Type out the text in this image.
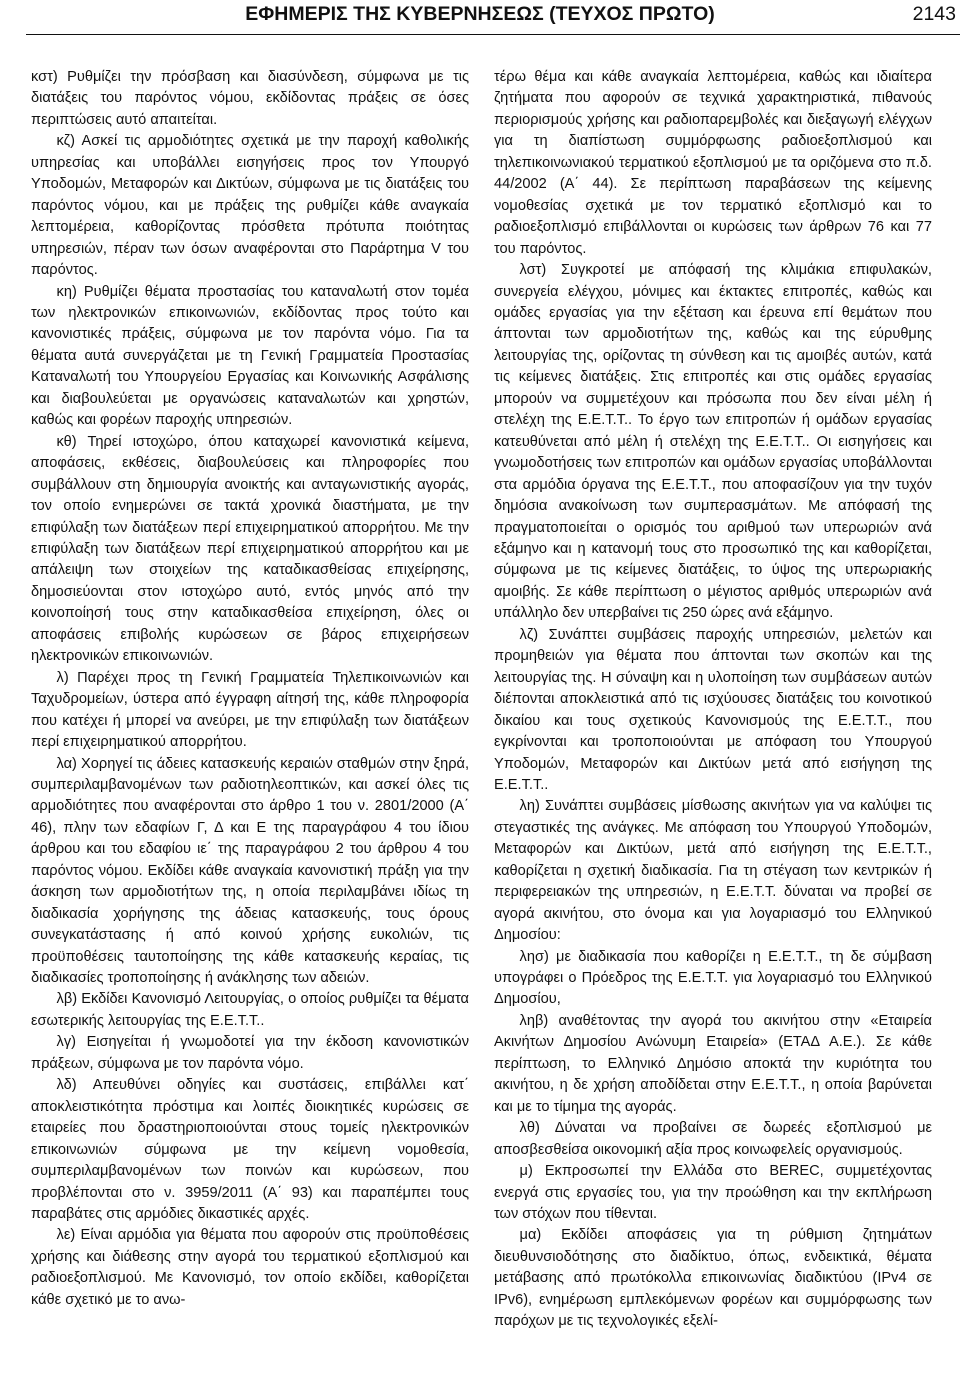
ΕΦΗΜΕΡΙΣ ΤΗΣ ΚΥΒΕΡΝΗΣΕΩΣ (ΤΕΥΧΟΣ ΠΡΩΤΟ)	2143

κστ) Ρυθμίζει την πρόσβαση και διασύνδεση, σύμφωνα με τις διατάξεις του παρόντος νόμου, εκδίδοντας πράξεις σε όσες περιπτώσεις αυτό απαιτείται.

κζ) Ασκεί τις αρμοδιότητες σχετικά με την παροχή καθολικής υπηρεσίας και υποβάλλει εισηγήσεις προς τον Υπουργό Υποδομών, Μεταφορών και Δικτύων, σύμφωνα με τις διατάξεις του παρόντος νόμου, και με πράξεις της ρυθμίζει κάθε αναγκαία λεπτομέρεια, καθορίζοντας πρόσθετα πρότυπα ποιότητας υπηρεσιών, πέραν των όσων αναφέρονται στο Παράρτημα V του παρόντος.

κη) Ρυθμίζει θέματα προστασίας του καταναλωτή στον τομέα των ηλεκτρονικών επικοινωνιών, εκδίδοντας προς τούτο και κανονιστικές πράξεις, σύμφωνα με τον παρόντα νόμο. Για τα θέματα αυτά συνεργάζεται με τη Γενική Γραμματεία Προστασίας Καταναλωτή του Υπουργείου Εργασίας και Κοινωνικής Ασφάλισης και διαβουλεύεται με οργανώσεις καταναλωτών και χρηστών, καθώς και φορέων παροχής υπηρεσιών.

κθ) Τηρεί ιστοχώρο, όπου καταχωρεί κανονιστικά κείμενα, αποφάσεις, εκθέσεις, διαβουλεύσεις και πληροφορίες που συμβάλλουν στη δημιουργία ανοικτής και ανταγωνιστικής αγοράς, τον οποίο ενημερώνει σε τακτά χρονικά διαστήματα, με την επιφύλαξη των διατάξεων περί επιχειρηματικού απορρήτου. Με την επιφύλαξη των διατάξεων περί επιχειρηματικού απορρήτου και με απάλειψη των στοιχείων της καταδικασθείσας επιχείρησης, δημοσιεύονται στον ιστοχώρο αυτό, εντός μηνός από την κοινοποίησή τους στην καταδικασθείσα επιχείρηση, όλες οι αποφάσεις επιβολής κυρώσεων σε βάρος επιχειρήσεων ηλεκτρονικών επικοινωνιών.

λ) Παρέχει προς τη Γενική Γραμματεία Τηλεπικοινωνιών και Ταχυδρομείων, ύστερα από έγγραφη αίτησή της, κάθε πληροφορία που κατέχει ή μπορεί να ανεύρει, με την επιφύλαξη των διατάξεων περί επιχειρηματικού απορρήτου.

λα) Χορηγεί τις άδειες κατασκευής κεραιών σταθμών στην ξηρά, συμπεριλαμβανομένων των ραδιοτηλεοπτικών, και ασκεί όλες τις αρμοδιότητες που αναφέρονται στο άρθρο 1 του ν. 2801/2000 (Α΄ 46), πλην των εδαφίων Γ, Δ και Ε της παραγράφου 4 του ίδιου άρθρου και του εδαφίου ιε΄ της παραγράφου 2 του άρθρου 4 του παρόντος νόμου. Εκδίδει κάθε αναγκαία κανονιστική πράξη για την άσκηση των αρμοδιοτήτων της, η οποία περιλαμβάνει ιδίως τη διαδικασία χορήγησης της άδειας κατασκευής, τους όρους συνεγκατάστασης ή από κοινού χρήσης ευκολιών, τις προϋποθέσεις ταυτοποίησης της κάθε κατασκευής κεραίας, τις διαδικασίες τροποποίησης ή ανάκλησης των αδειών.

λβ) Εκδίδει Κανονισμό Λειτουργίας, ο οποίος ρυθμίζει τα θέματα εσωτερικής λειτουργίας της Ε.Ε.Τ.Τ..

λγ) Εισηγείται ή γνωμοδοτεί για την έκδοση κανονιστικών πράξεων, σύμφωνα με τον παρόντα νόμο.

λδ) Απευθύνει οδηγίες και συστάσεις, επιβάλλει κατ΄ αποκλειστικότητα πρόστιμα και λοιπές διοικητικές κυρώσεις σε εταιρείες που δραστηριοποιούνται στους τομείς ηλεκτρονικών επικοινωνιών σύμφωνα με την κείμενη νομοθεσία, συμπεριλαμβανομένων των ποινών και κυρώσεων, που προβλέπονται στο ν. 3959/2011 (Α΄ 93) και παραπέμπει τους παραβάτες στις αρμόδιες δικαστικές αρχές.

λε) Είναι αρμόδια για θέματα που αφορούν στις προϋποθέσεις χρήσης και διάθεσης στην αγορά του τερματικού εξοπλισμού και ραδιοεξοπλισμού. Με Κανονισμό, τον οποίο εκδίδει, καθορίζεται κάθε σχετικό με το ανω-

τέρω θέμα και κάθε αναγκαία λεπτομέρεια, καθώς και ιδιαίτερα ζητήματα που αφορούν σε τεχνικά χαρακτηριστικά, πιθανούς περιορισμούς χρήσης και ραδιοπαρεμβολές και διεξαγωγή ελέγχων για τη διαπίστωση συμμόρφωσης ραδιοεξοπλισμού και τηλεπικοινωνιακού τερματικού εξοπλισμού με τα οριζόμενα στο π.δ. 44/2002 (Α΄ 44). Σε περίπτωση παραβάσεων της κείμενης νομοθεσίας σχετικά με τον τερματικό εξοπλισμό και το ραδιοεξοπλισμό επιβάλλονται οι κυρώσεις των άρθρων 76 και 77 του παρόντος.

λστ) Συγκροτεί με απόφασή της κλιμάκια επιφυλακών, συνεργεία ελέγχου, μόνιμες και έκτακτες επιτροπές, καθώς και ομάδες εργασίας για την εξέταση και έρευνα επί θεμάτων που άπτονται των αρμοδιοτήτων της, καθώς και της εύρυθμης λειτουργίας της, ορίζοντας τη σύνθεση και τις αμοιβές αυτών, κατά τις κείμενες διατάξεις. Στις επιτροπές και στις ομάδες εργασίας μπορούν να συμμετέχουν και πρόσωπα που δεν είναι μέλη ή στελέχη της Ε.Ε.Τ.Τ.. Το έργο των επιτροπών ή ομάδων εργασίας κατευθύνεται από μέλη ή στελέχη της Ε.Ε.Τ.Τ.. Οι εισηγήσεις και γνωμοδοτήσεις των επιτροπών και ομάδων εργασίας υποβάλλονται στα αρμόδια όργανα της Ε.Ε.Τ.Τ., που αποφασίζουν για την τυχόν δημόσια ανακοίνωση των συμπερασμάτων. Με απόφασή της πραγματοποιείται ο ορισμός του αριθμού των υπερωριών ανά εξάμηνο και η κατανομή τους στο προσωπικό της και καθορίζεται, σύμφωνα με τις κείμενες διατάξεις, το ύψος της υπερωριακής αμοιβής. Σε κάθε περίπτωση ο μέγιστος αριθμός υπερωριών ανά υπάλληλο δεν υπερβαίνει τις 250 ώρες ανά εξάμηνο.

λζ) Συνάπτει συμβάσεις παροχής υπηρεσιών, μελετών και προμηθειών για θέματα που άπτονται των σκοπών και της λειτουργίας της. Η σύναψη και η υλοποίηση των συμβάσεων αυτών διέπονται αποκλειστικά από τις ισχύουσες διατάξεις του κοινοτικού δικαίου και τους σχετικούς Κανονισμούς της Ε.Ε.Τ.Τ., που εγκρίνονται και τροποποιούνται με απόφαση του Υπουργού Υποδομών, Μεταφορών και Δικτύων μετά από εισήγηση της Ε.Ε.Τ.Τ..

λη) Συνάπτει συμβάσεις μίσθωσης ακινήτων για να καλύψει τις στεγαστικές της ανάγκες. Με απόφαση του Υπουργού Υποδομών, Μεταφορών και Δικτύων, μετά από εισήγηση της Ε.Ε.Τ.Τ., καθορίζεται η σχετική διαδικασία. Για τη στέγαση των κεντρικών ή περιφερειακών της υπηρεσιών, η Ε.Ε.Τ.Τ. δύναται να προβεί σε αγορά ακινήτου, στο όνομα και για λογαριασμό του Ελληνικού Δημοσίου:

λησ) με διαδικασία που καθορίζει η Ε.Ε.Τ.Τ., τη δε σύμβαση υπογράφει ο Πρόεδρος της Ε.Ε.Τ.Τ. για λογαριασμό του Ελληνικού Δημοσίου,

ληβ) αναθέτοντας την αγορά του ακινήτου στην «Εταιρεία Ακινήτων Δημοσίου Ανώνυμη Εταιρεία» (ΕΤΑΔ Α.Ε.). Σε κάθε περίπτωση, το Ελληνικό Δημόσιο αποκτά την κυριότητα του ακινήτου, η δε χρήση αποδίδεται στην Ε.Ε.Τ.Τ., η οποία βαρύνεται και με το τίμημα της αγοράς.

λθ) Δύναται να προβαίνει σε δωρεές εξοπλισμού με αποσβεσθείσα οικονομική αξία προς κοινωφελείς οργανισμούς.

μ) Εκπροσωπεί την Ελλάδα στο BEREC, συμμετέχοντας ενεργά στις εργασίες του, για την προώθηση και την εκπλήρωση των στόχων που τίθενται.

μα) Εκδίδει αποφάσεις για τη ρύθμιση ζητημάτων διευθυνσιοδότησης στο διαδίκτυο, όπως, ενδεικτικά, θέματα μετάβασης από πρωτόκολλα επικοινωνίας διαδικτύου (IPv4 σε IPv6), ενημέρωση εμπλεκόμενων φορέων και συμμόρφωσης των παρόχων με τις τεχνολογικές εξελί-
